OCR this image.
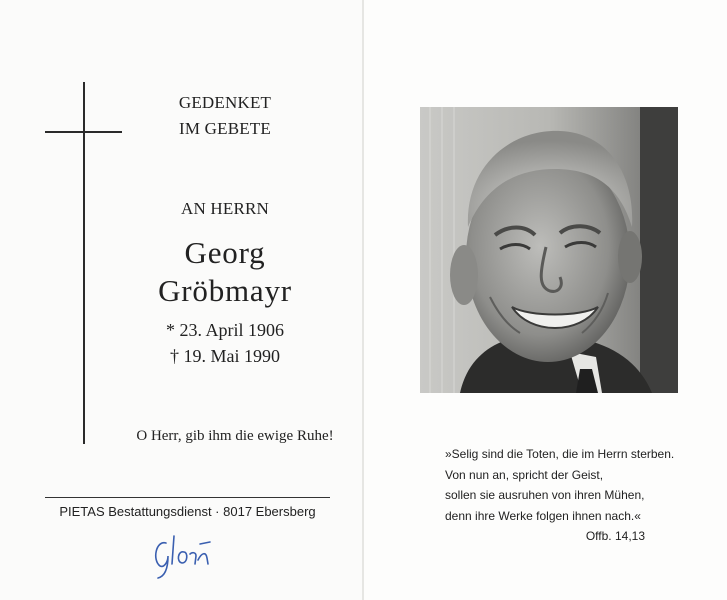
GEDENKET
IM GEBETE
AN HERRN
Georg
Gröbmayr
* 23. April 1906
† 19. Mai 1990
O Herr, gib ihm die ewige Ruhe!
PIETAS Bestattungsdienst · 8017 Ebersberg
»Selig sind die Toten, die im Herrn sterben.
Von nun an, spricht der Geist,
sollen sie ausruhen von ihren Mühen,
denn ihre Werke folgen ihnen nach.«
Offb. 14,13
